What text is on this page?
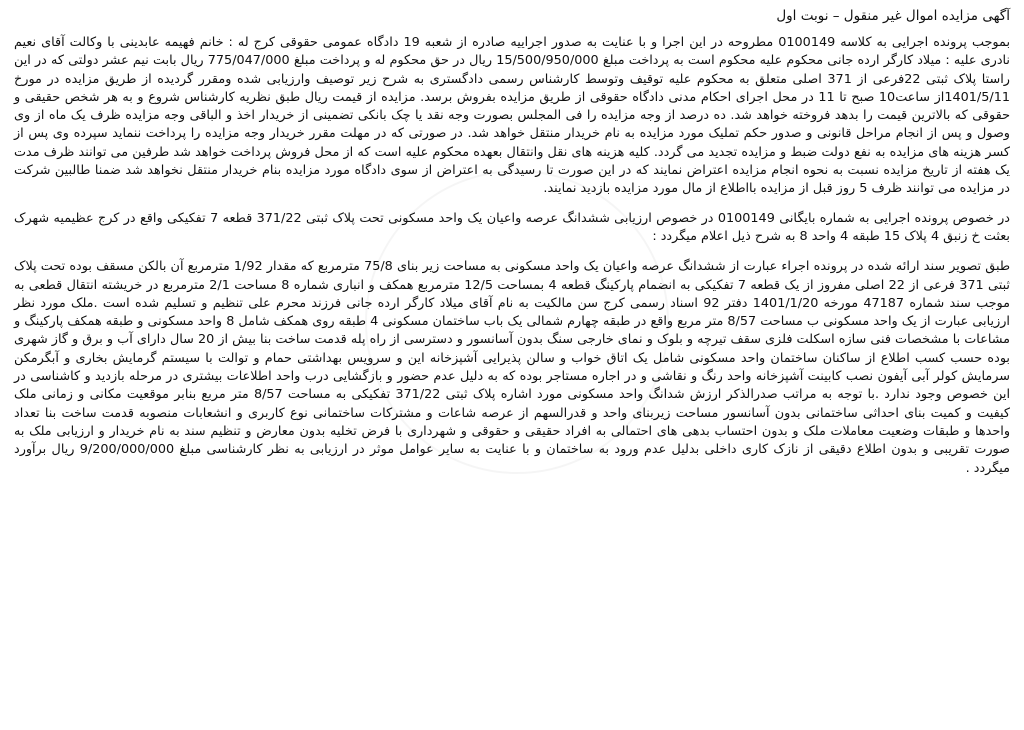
آگهی مزایده اموال غیر منقول – نوبت اول

بموجب پرونده اجرایی به کلاسه 0100149 مطروحه در این اجرا و با عنایت به صدور اجراییه صادره از شعبه 19 دادگاه عمومی حقوقی کرج له : خانم فهیمه عابدینی با وکالت آقای نعیم نادری علیه : میلاد کارگر ارده جانی محکوم علیه محکوم است به پرداخت مبلغ 15/500/950/000 ریال در حق محکوم له و پرداخت مبلغ 775/047/000 ریال بابت نیم عشر دولتی که در این راستا پلاک ثبتی 22فرعی از 371 اصلی متعلق به محکوم علیه توقیف وتوسط کارشناس رسمی دادگستری به شرح زیر توصیف وارزیابی شده ومقرر گردیده از طریق مزایده در مورخ 1401/5/11از ساعت10 صبح تا 11 در محل اجرای احکام مدنی دادگاه حقوقی از طریق مزایده بفروش برسد. مزایده از قیمت ریال طبق نظریه کارشناس شروع و به هر شخص حقیقی و حقوقی که بالاترین قیمت را بدهد فروخته خواهد شد. ده درصد از وجه مزایده را فی المجلس بصورت وجه نقد یا چک بانکی تضمینی از خریدار اخذ و الباقی وجه مزایده ظرف یک ماه از وی وصول و پس از انجام مراحل قانونی و صدور حکم تملیک مورد مزایده به نام خریدار منتقل خواهد شد. در صورتی که در مهلت مقرر خریدار وجه مزایده را پرداخت ننماید سپرده وی پس از کسر هزینه های مزایده به نفع دولت ضبط و مزایده تجدید می گردد. کلیه هزینه های نقل وانتقال بعهده محکوم علیه است که از محل فروش پرداخت خواهد شد طرفین می توانند ظرف مدت یک هفته از تاریخ مزایده نسبت به نحوه انجام مزایده اعتراض نمایند که در این صورت تا رسیدگی به اعتراض از سوی دادگاه مورد مزایده بنام خریدار منتقل نخواهد شد ضمنا طالبین شرکت در مزایده می توانند ظرف 5 روز قبل از مزایده بااطلاع از مال مورد مزایده بازدید نمایند.

در خصوص پرونده اجرایی به شماره بایگانی 0100149 در خصوص ارزیابی ششدانگ عرصه واعیان یک واحد مسکونی تحت پلاک ثبتی 371/22 قطعه 7 تفکیکی واقع در کرج عظیمیه شهرک بعثت خ زنبق 4 پلاک 15 طبقه 4 واحد 8 به شرح ذیل اعلام میگردد :

طبق تصویر سند ارائه شده در پرونده اجراء عبارت از ششدانگ عرصه واعیان یک واحد مسکونی به مساحت زیر بنای 75/8 مترمربع که مقدار 1/92 مترمربع آن بالکن مسقف بوده تحت پلاک ثبتی 371 فرعی از 22 اصلی مفروز از یک قطعه 7 تفکیکی به انضمام پارکینگ قطعه 4 بمساحت 12/5 مترمربع همکف و انباری شماره 8 مساحت 2/1 مترمربع در خریشته انتقال قطعی به موجب سند شماره 47187 مورخه 1401/1/20 دفتر 92 اسناد رسمی کرج سن مالکیت به نام آقای میلاد کارگر ارده جانی فرزند محرم علی تنظیم و تسلیم شده است .ملک مورد نظر ارزیابی عبارت از یک واحد مسکونی ب مساحت 8/57 متر مربع واقع در طبقه چهارم شمالی یک باب ساختمان مسکونی 4 طبقه روی همکف شامل 8 واحد مسکونی و طبقه همکف پارکینگ و مشاعات با مشخصات فنی سازه اسکلت فلزی سقف تیرچه و بلوک و نمای خارجی سنگ بدون آسانسور و دسترسی از راه پله قدمت ساخت بنا بیش از 20 سال دارای آب و برق و گاز شهری بوده حسب کسب اطلاع از ساکنان ساختمان واحد مسکونی شامل یک اتاق خواب و سالن پذیرایی آشپزخانه این و سرویس بهداشتی حمام و توالت با سیستم گرمایش بخاری و آبگرمکن سرمایش کولر آبی آیفون نصب کابینت آشپزخانه واحد رنگ و نقاشی و در اجاره مستاجر بوده که به دلیل عدم حضور و بازگشایی درب واحد اطلاعات بیشتری در مرحله بازدید و کاشناسی در این خصوص وجود ندارد .با توجه به مراتب صدرالذکر ارزش شدانگ واحد مسکونی مورد اشاره پلاک ثبتی 371/22 تفکیکی به مساحت 8/57 متر مربع بنابر موقعیت مکانی و زمانی ملک کیفیت و کمیت بنای احداثی ساختمانی بدون آسانسور مساحت زیربنای واحد و قدرالسهم از عرصه شاعات و مشترکات ساختمانی نوع کاربری و انشعابات منصوبه قدمت ساخت بنا تعداد واحدها و طبقات وضعیت معاملات ملک و بدون احتساب بدهی های احتمالی به افراد حقیقی و حقوقی و شهرداری با فرض تخلیه بدون معارض و تنظیم سند به نام خریدار و ارزیابی ملک به صورت تقریبی و بدون اطلاع دقیقی از نازک کاری داخلی بدلیل عدم ورود به ساختمان و با عنایت به سایر عوامل موثر در ارزیابی به نظر کارشناسی مبلغ 9/200/000/000 ریال برآورد میگردد .
